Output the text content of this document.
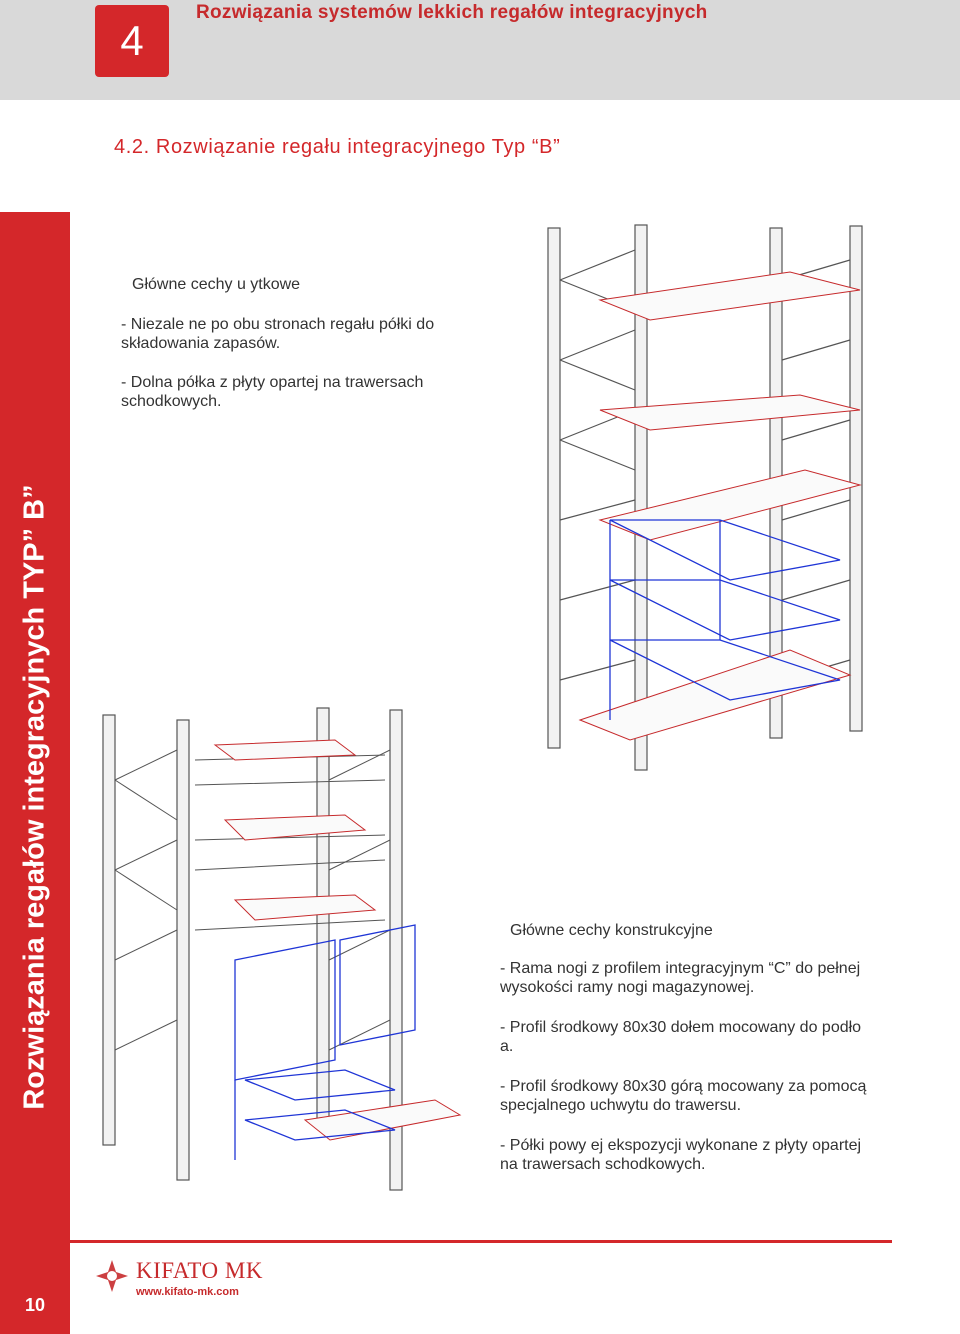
4
Rozwiązania systemów lekkich regałów integracyjnych
4.2. Rozwiązanie regału integracyjnego Typ “B”
Rozwiązania regałów integracyjnych TYP” B”
10
Główne cechy u ytkowe
- Niezale ne po obu stronach regału półki do składowania zapasów.
- Dolna półka z płyty opartej na trawersach schodkowych.
Główne cechy konstrukcyjne
- Rama nogi z profilem integracyjnym “C” do pełnej wysokości ramy nogi magazynowej.
- Profil środkowy 80x30 dołem mocowany do podło a.
- Profil środkowy 80x30 górą mocowany za pomocą specjalnego uchwytu do trawersu.
- Półki powy ej ekspozycji wykonane z płyty opartej na trawersach schodkowych.
KIFATO MK
www.kifato-mk.com
